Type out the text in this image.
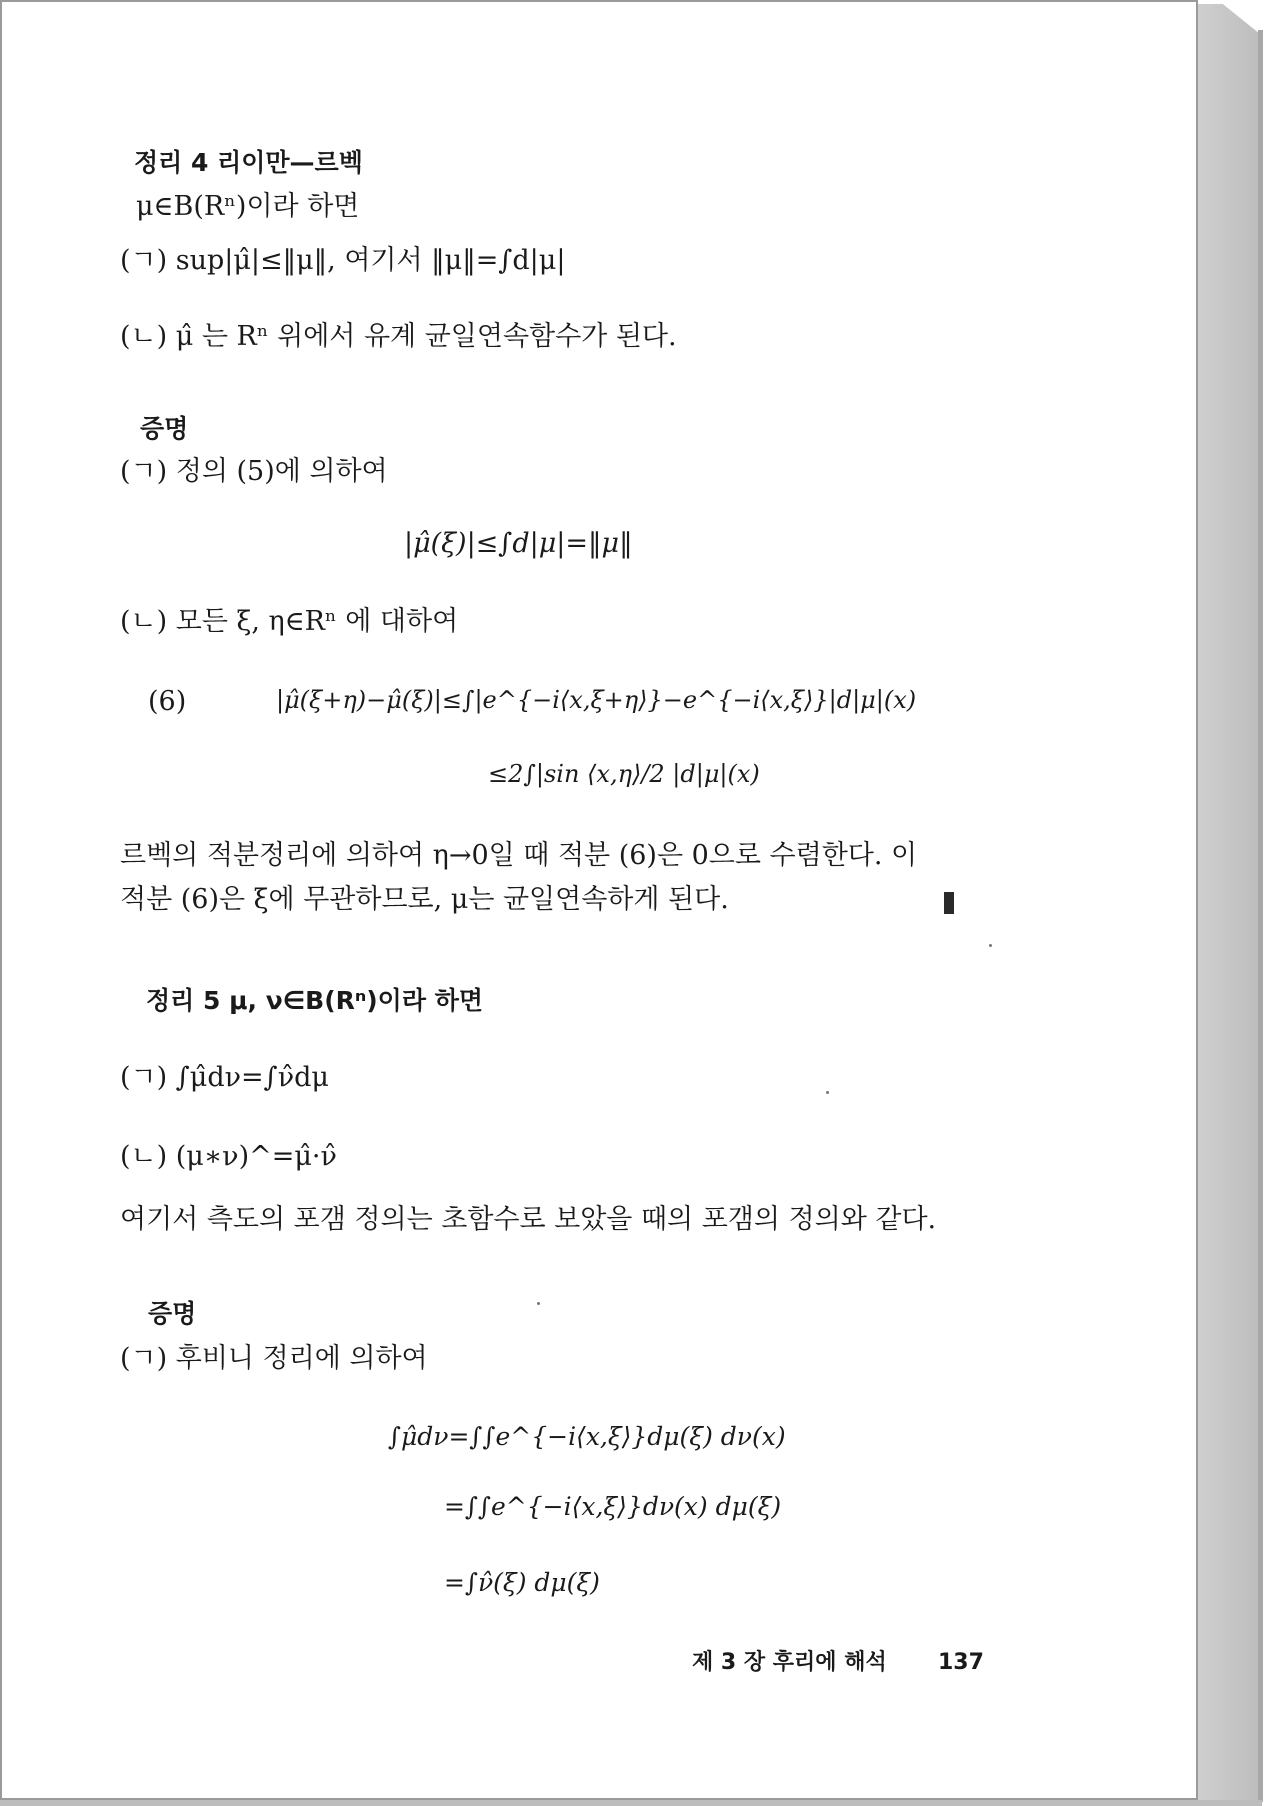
정리 4 리이만—르벡
μ∈B(Rⁿ)이라 하면
(ㄱ) sup|μ̂|≤‖μ‖, 여기서 ‖μ‖=∫d|μ|
(ㄴ) μ̂ 는 Rⁿ 위에서 유계 균일연속함수가 된다.
증명
(ㄱ) 정의 (5)에 의하여
|μ̂(ξ)|≤∫d|μ|=‖μ‖
(ㄴ) 모든 ξ, η∈Rⁿ 에 대하여
(6)	|μ̂(ξ+η)−μ̂(ξ)|≤∫|e^{−i⟨x,ξ+η⟩}−e^{−i⟨x,ξ⟩}|d|μ|(x)
≤2∫|sin ⟨x,η⟩/2 |d|μ|(x)
르벡의 적분정리에 의하여 η→0일 때 적분 (6)은 0으로 수렴한다. 이
적분 (6)은 ξ에 무관하므로, μ는 균일연속하게 된다.
정리 5 μ, ν∈B(Rⁿ)이라 하면
(ㄱ) ∫μ̂dν=∫ν̂dμ
(ㄴ) (μ∗ν)^=μ̂·ν̂
여기서 측도의 포갬 정의는 초함수로 보았을 때의 포갬의 정의와 같다.
증명
(ㄱ) 후비니 정리에 의하여
∫μ̂dν=∫∫e^{−i⟨x,ξ⟩}dμ(ξ) dν(x)
=∫∫e^{−i⟨x,ξ⟩}dν(x) dμ(ξ)
=∫ν̂(ξ) dμ(ξ)
제 3 장 후리에 해석 137
